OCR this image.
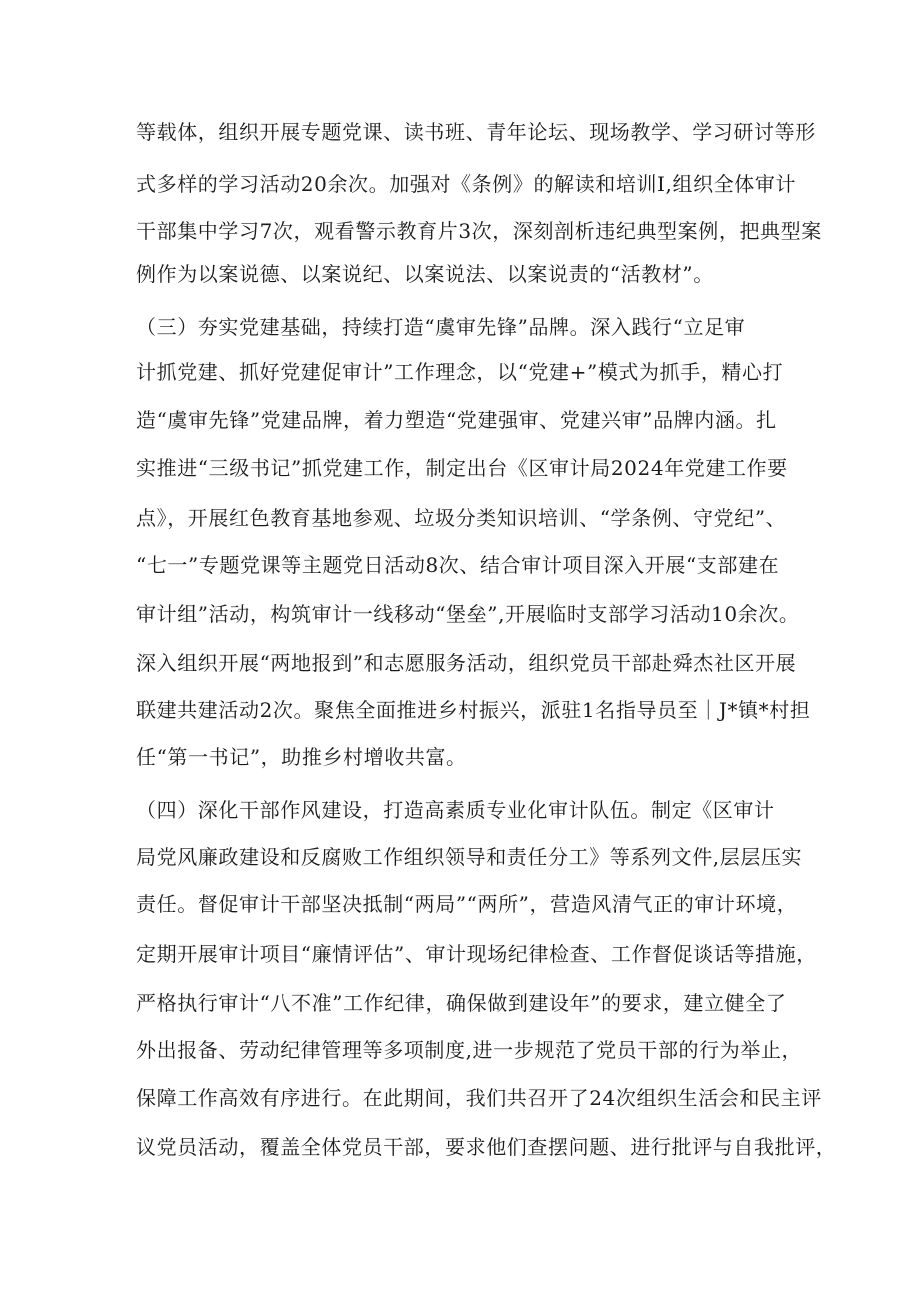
等载体，组织开展专题党课、读书班、青年论坛、现场教学、学习研讨等形
式多样的学习活动20余次。加强对《条例》的解读和培训I,组织全体审计
干部集中学习7次，观看警示教育片3次，深刻剖析违纪典型案例，把典型案
例作为以案说德、以案说纪、以案说法、以案说责的“活教材”。
（三）夯实党建基础，持续打造“虞审先锋”品牌。深入践行“立足审
计抓党建、抓好党建促审计”工作理念，以“党建+”模式为抓手，精心打
造“虞审先锋”党建品牌，着力塑造“党建强审、党建兴审”品牌内涵。扎
实推进“三级书记”抓党建工作，制定出台《区审计局2024年党建工作要
点》，开展红色教育基地参观、垃圾分类知识培训、“学条例、守党纪”、
“七一”专题党课等主题党日活动8次、结合审计项目深入开展“支部建在
审计组”活动，构筑审计一线移动“堡垒”,开展临时支部学习活动10余次。
深入组织开展“两地报到”和志愿服务活动，组织党员干部赴舜杰社区开展
联建共建活动2次。聚焦全面推进乡村振兴，派驻1名指导员至｜J*镇*村担
任“第一书记”，助推乡村增收共富。
（四）深化干部作风建设，打造高素质专业化审计队伍。制定《区审计
局党风廉政建设和反腐败工作组织领导和责任分工》等系列文件,层层压实
责任。督促审计干部坚决抵制“两局”“两所”，营造风清气正的审计环境，
定期开展审计项目“廉情评估”、审计现场纪律检查、工作督促谈话等措施，
严格执行审计“八不准”工作纪律，确保做到建设年”的要求，建立健全了
外出报备、劳动纪律管理等多项制度,进一步规范了党员干部的行为举止，
保障工作高效有序进行。在此期间，我们共召开了24次组织生活会和民主评
议党员活动，覆盖全体党员干部，要求他们查摆问题、进行批评与自我批评，
